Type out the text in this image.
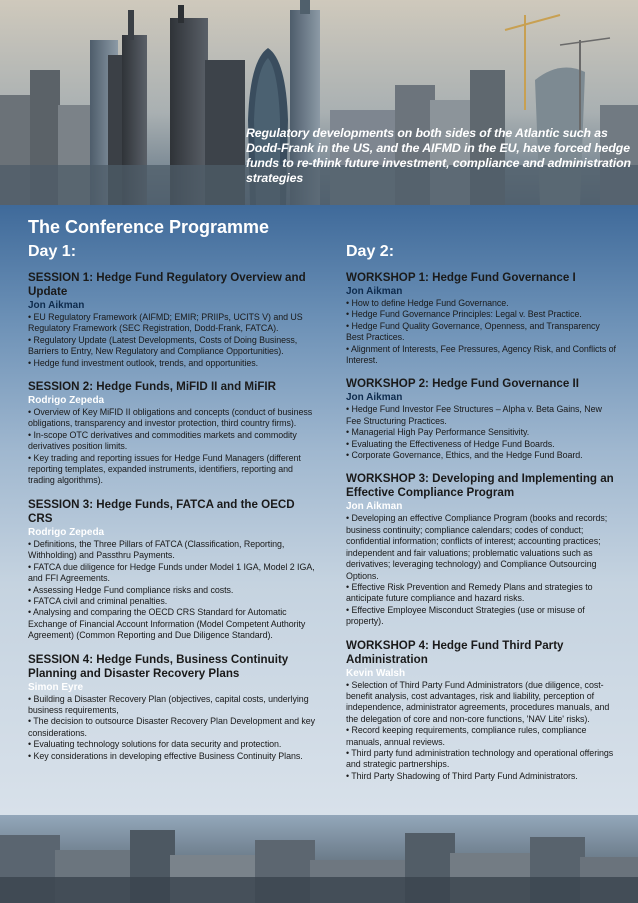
Regulatory developments on both sides of the Atlantic such as Dodd-Frank in the US, and the AIFMD in the EU, have forced hedge funds to re-think future investment, compliance and administration strategies
The Conference Programme
Day 1:
SESSION 1: Hedge Fund Regulatory Overview and Update
Jon Aikman
• EU Regulatory Framework (AIFMD; EMIR; PRIIPs, UCITS V) and US Regulatory Framework (SEC Registration, Dodd-Frank, FATCA).
• Regulatory Update (Latest Developments, Costs of Doing Business, Barriers to Entry, New Regulatory and Compliance Opportunities).
• Hedge fund investment outlook, trends, and opportunities.
SESSION 2: Hedge Funds, MiFID II and MiFIR
Rodrigo Zepeda
• Overview of Key MiFID II obligations and concepts (conduct of business obligations, transparency and investor protection, third country firms).
• In-scope OTC derivatives and commodities markets and commodity derivatives position limits.
• Key trading and reporting issues for Hedge Fund Managers (different reporting templates, expanded instruments, identifiers, reporting and trading algorithms).
SESSION 3: Hedge Funds, FATCA and the OECD CRS
Rodrigo Zepeda
• Definitions, the Three Pillars of FATCA (Classification, Reporting, Withholding) and Passthru Payments.
• FATCA due diligence for Hedge Funds under Model 1 IGA, Model 2 IGA, and FFI Agreements.
• Assessing Hedge Fund compliance risks and costs.
• FATCA civil and criminal penalties.
• Analysing and comparing the OECD CRS Standard for Automatic Exchange of Financial Account Information (Model Competent Authority Agreement) (Common Reporting and Due Diligence Standard).
SESSION 4: Hedge Funds, Business Continuity Planning and Disaster Recovery Plans
Simon Eyre
• Building a Disaster Recovery Plan (objectives, capital costs, underlying business requirements,
• The decision to outsource Disaster Recovery Plan Development and key considerations.
• Evaluating technology solutions for data security and protection.
• Key considerations in developing effective Business Continuity Plans.
Day 2:
WORKSHOP 1: Hedge Fund Governance I
Jon Aikman
• How to define Hedge Fund Governance.
• Hedge Fund Governance Principles: Legal v. Best Practice.
• Hedge Fund Quality Governance, Openness, and Transparency Best Practices.
• Alignment of Interests, Fee Pressures, Agency Risk, and Conflicts of Interest.
WORKSHOP 2: Hedge Fund Governance II
Jon Aikman
• Hedge Fund Investor Fee Structures – Alpha v. Beta Gains, New Fee Structuring Practices.
• Managerial High Pay Performance Sensitivity.
• Evaluating the Effectiveness of Hedge Fund Boards.
• Corporate Governance, Ethics, and the Hedge Fund Board.
WORKSHOP 3: Developing and Implementing an Effective Compliance Program
Jon Aikman
• Developing an effective Compliance Program (books and records; business continuity; compliance calendars; codes of conduct; confidential information; conflicts of interest; accounting practices; independent and fair valuations; problematic valuations such as derivatives; leveraging technology) and Compliance Outsourcing Options.
• Effective Risk Prevention and Remedy Plans and strategies to anticipate future compliance and hazard risks.
• Effective Employee Misconduct Strategies (use or misuse of property).
WORKSHOP 4: Hedge Fund Third Party Administration
Kevin Walsh
• Selection of Third Party Fund Administrators (due diligence, cost-benefit analysis, cost advantages, risk and liability, perception of independence, administrator agreements, procedures manuals, and the delegation of core and non-core functions, 'NAV Lite' risks).
• Record keeping requirements, compliance rules, compliance manuals, annual reviews.
• Third party fund administration technology and operational offerings and strategic partnerships.
• Third Party Shadowing of Third Party Fund Administrators.
